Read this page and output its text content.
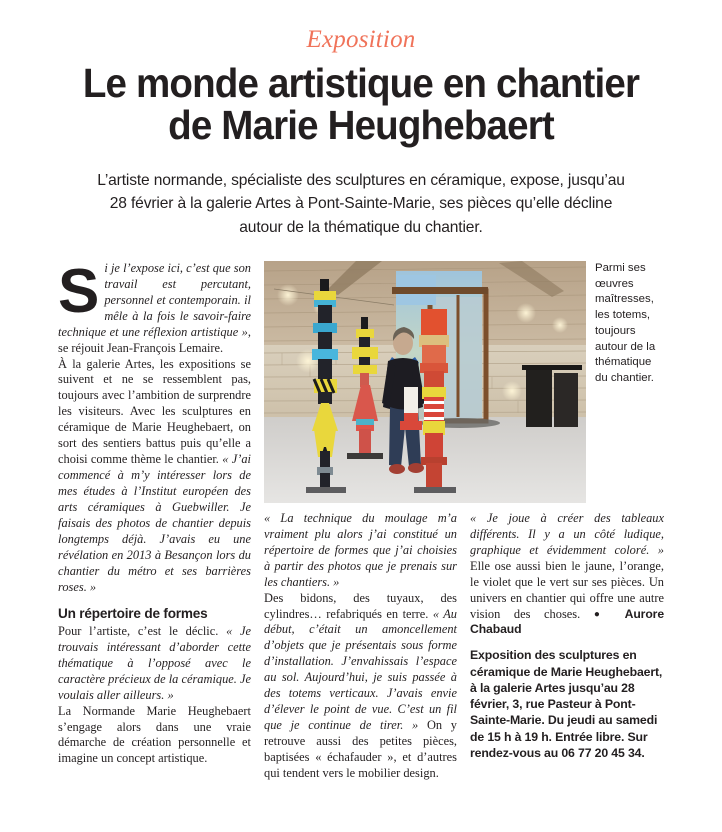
Exposition
Le monde artistique en chantier de Marie Heughebaert
L’artiste normande, spécialiste des sculptures en céramique, expose, jusqu’au 28 février à la galerie Artes à Pont-Sainte-Marie, ses pièces qu’elle décline autour de la thématique du chantier.
Parmi ses œuvres maîtresses, les totems, toujours autour de la thématique du chantier.

Si je l’expose ici, c’est que son travail est percutant, personnel et contemporain. il mêle à la fois le savoir-faire technique et une réflexion artistique », se réjouit Jean-François Lemaire.

À la galerie Artes, les expositions se suivent et ne se ressemblent pas, toujours avec l’ambition de surprendre les visiteurs. Avec les sculptures en céramique de Marie Heughebaert, on sort des sentiers battus puis qu’elle a choisi comme thème le chantier. « J’ai commencé à m’y intéresser lors de mes études à l’Institut européen des arts céramiques à Guebwiller. Je faisais des photos de chantier depuis longtemps déjà. J’avais eu une révélation en 2013 à Besançon lors du chantier du métro et ses barrières roses. »

Un répertoire de formes

Pour l’artiste, c’est le déclic. « Je trouvais intéressant d’aborder cette thématique à l’opposé avec le caractère précieux de la céramique. Je voulais aller ailleurs. »

La Normande Marie Heughebaert s’engage alors dans une vraie démarche de création personnelle et imagine un concept artistique.

« La technique du moulage m’a vraiment plu alors j’ai constitué un répertoire de formes que j’ai choisies à partir des photos que je prenais sur les chantiers. »

Des bidons, des tuyaux, des cylindres… refabriqués en terre. « Au début, c’était un amoncellement d’objets que je présentais sous forme d’installation. J’envahissais l’espace au sol. Aujourd’hui, je suis passée à des totems verticaux. J’avais envie d’élever le point de vue. C’est un fil que je continue de tirer. » On y retrouve aussi des petites pièces, baptisées « échafauder », et d’autres qui tendent vers le mobilier design.

« Je joue à créer des tableaux différents. Il y a un côté ludique, graphique et évidemment coloré. » Elle ose aussi bien le jaune, l’orange, le violet que le vert sur ses pièces. Un univers en chantier qui offre une autre vision des choses. ● Aurore Chabaud

Exposition des sculptures en céramique de Marie Heughebaert, à la galerie Artes jusqu’au 28 février, 3, rue Pasteur à Pont-Sainte-Marie. Du jeudi au samedi de 15 h à 19 h. Entrée libre. Sur rendez-vous au 06 77 20 45 34.
